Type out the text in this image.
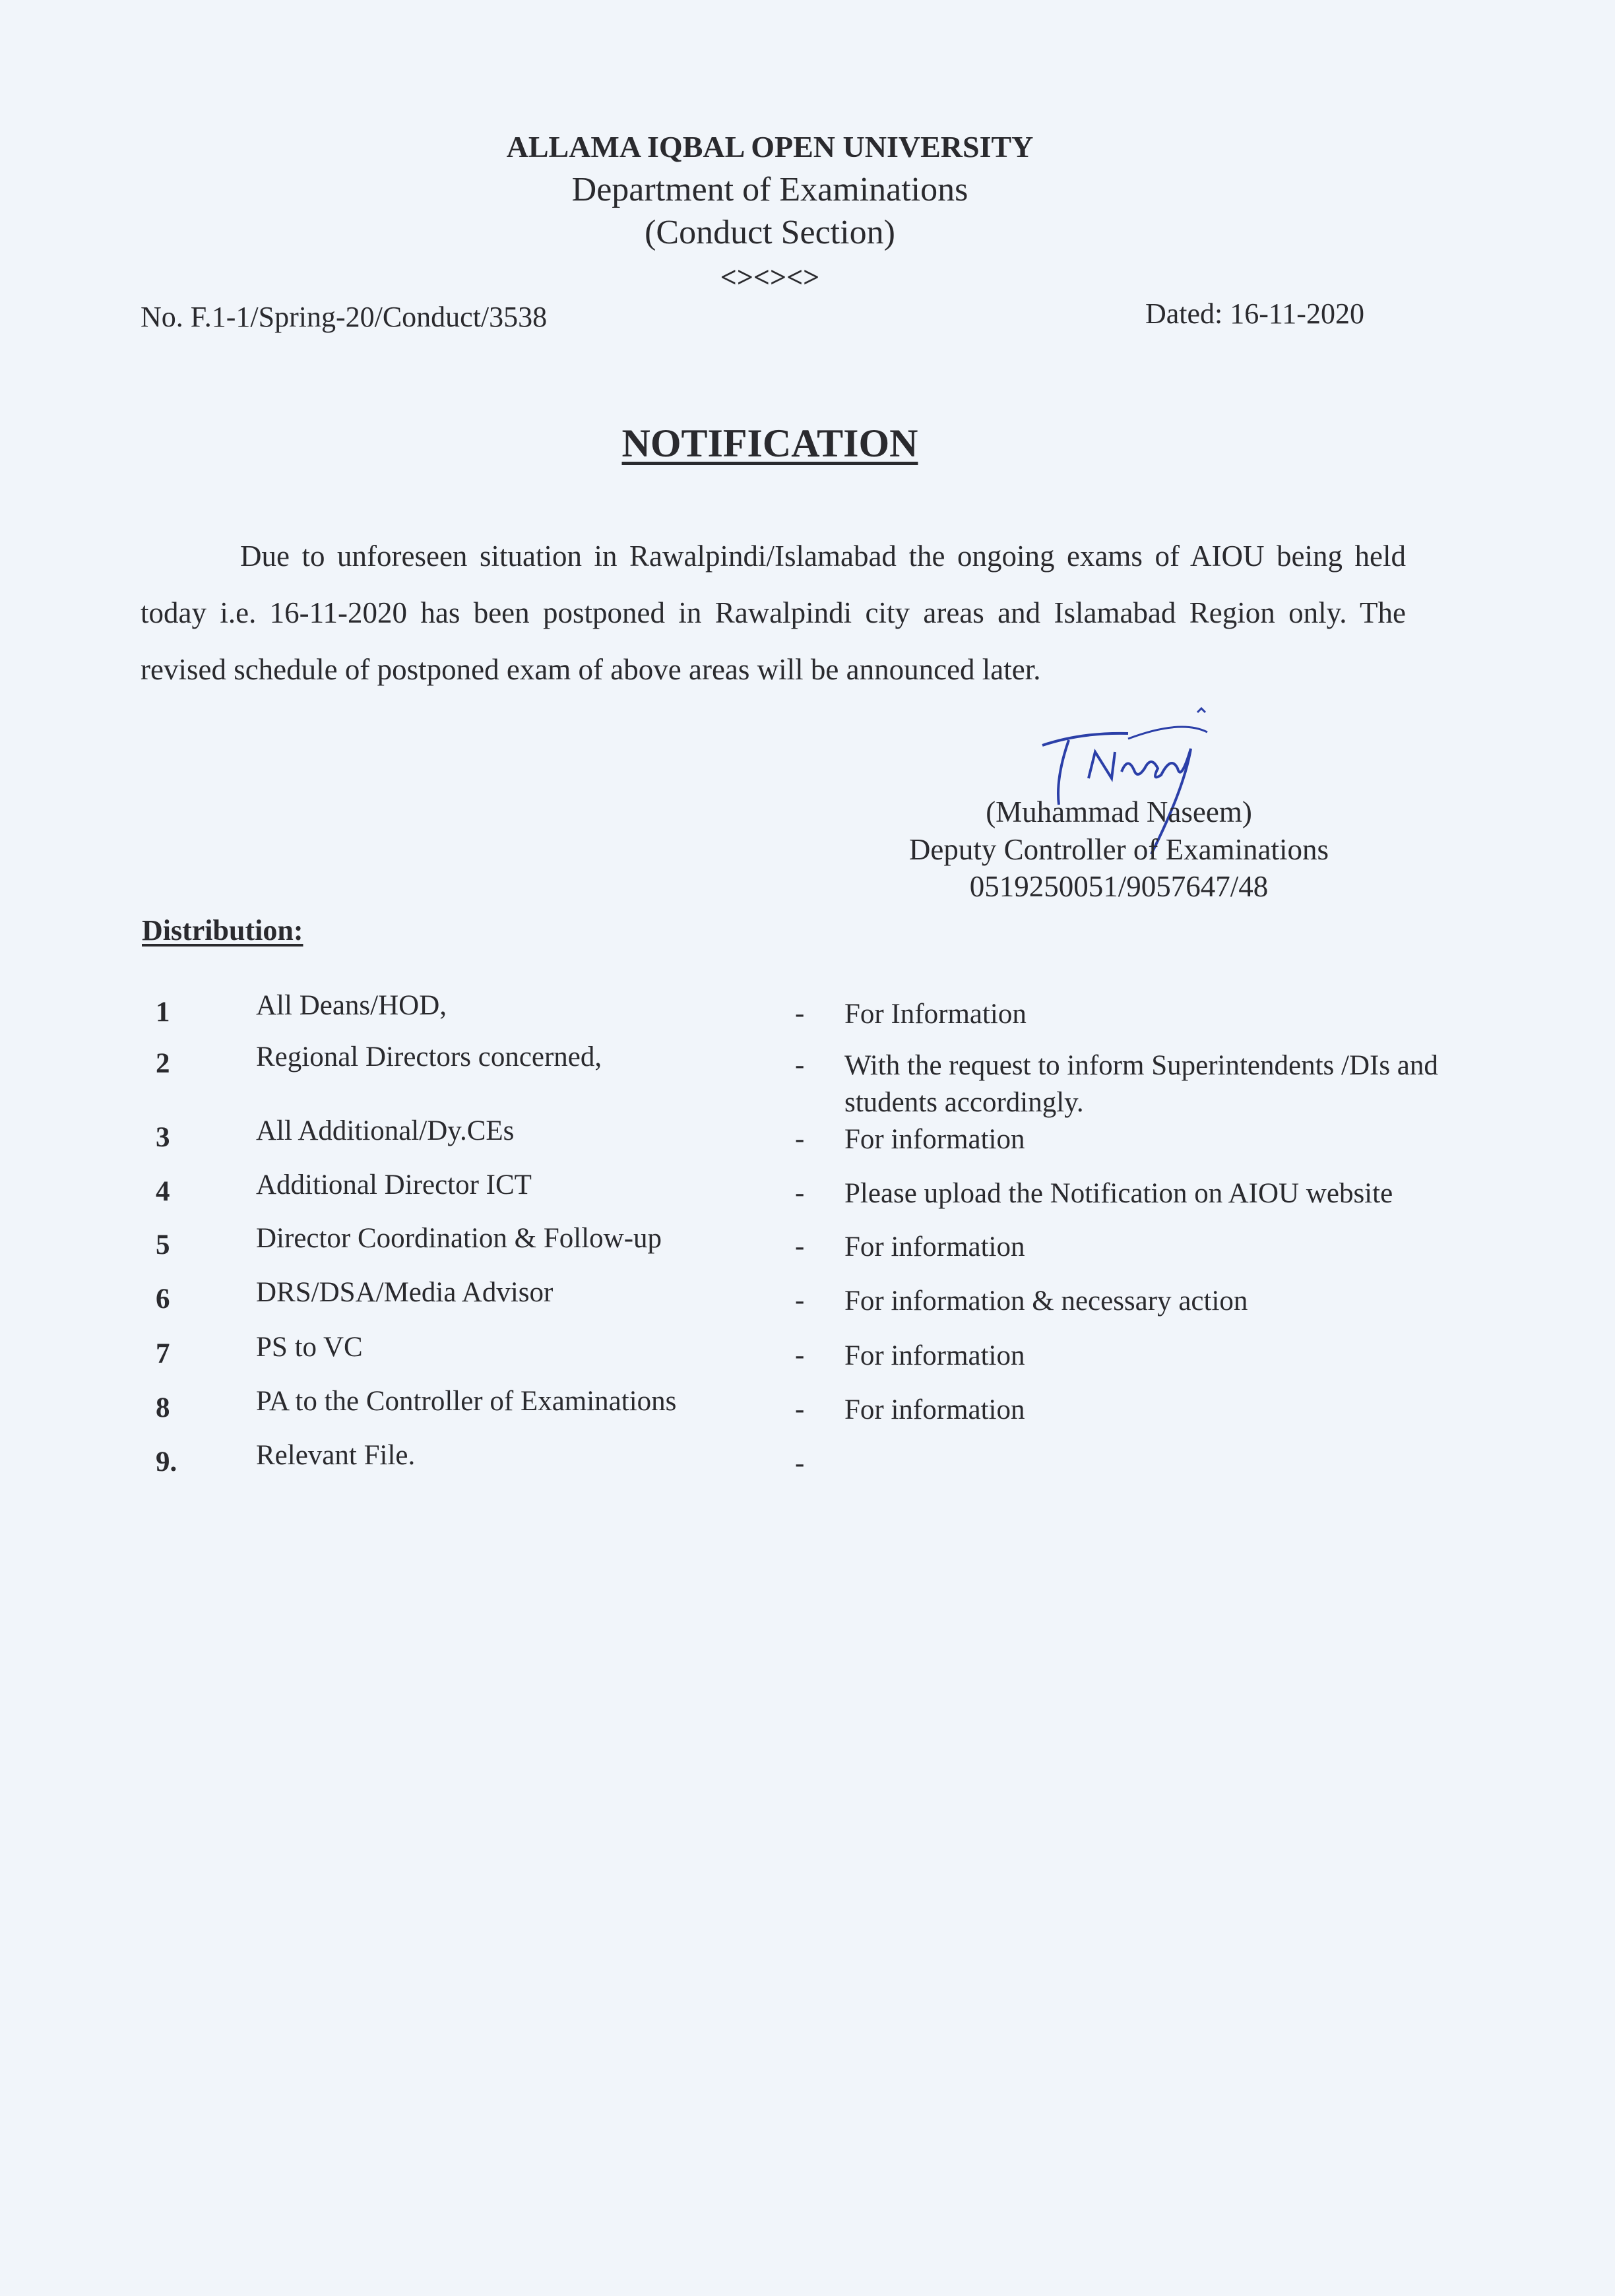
ALLAMA IQBAL OPEN UNIVERSITY
Department of Examinations
(Conduct Section)
<><><>
No. F.1-1/Spring-20/Conduct/3538	Dated: 16-11-2020
NOTIFICATION
Due to unforeseen situation in Rawalpindi/Islamabad the ongoing exams of AIOU being held today i.e. 16-11-2020 has been postponed in Rawalpindi city areas and Islamabad Region only. The revised schedule of postponed exam of above areas will be announced later.
(Muhammad Naseem)
Deputy Controller of Examinations
0519250051/9057647/48
Distribution:
1	All Deans/HOD,	- For Information
2	Regional Directors concerned,	- With the request to inform Superintendents /DIs and students accordingly.
3	All Additional/Dy.CEs	- For information
4	Additional Director ICT	- Please upload the Notification on AIOU website
5	Director Coordination & Follow-up	- For information
6	DRS/DSA/Media Advisor	- For information & necessary action
7	PS to VC	- For information
8	PA to the Controller of Examinations	- For information
9.	Relevant File.	-
